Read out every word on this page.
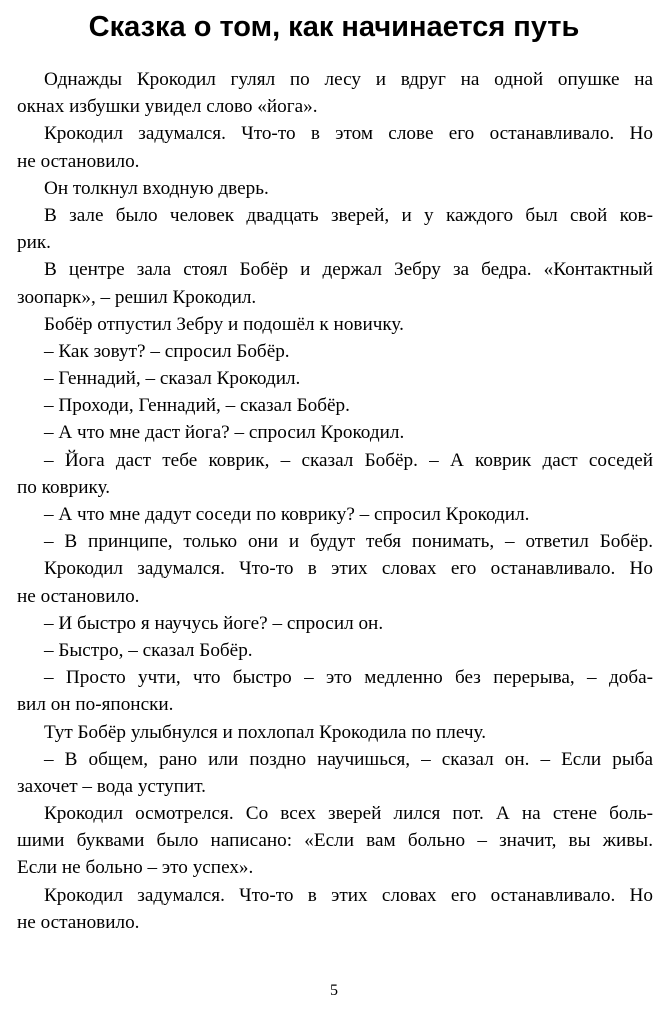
Сказка о том, как начинается путь
Однажды Крокодил гулял по лесу и вдруг на одной опушке на
окнах избушки увидел слово «йога».
Крокодил задумался. Что-то в этом слове его останавливало. Но
не остановило.
Он толкнул входную дверь.
В зале было человек двадцать зверей, и у каждого был свой ков-
рик.
В центре зала стоял Бобёр и держал Зебру за бедра. «Контактный
зоопарк», – решил Крокодил.
Бобёр отпустил Зебру и подошёл к новичку.
– Как зовут? – спросил Бобёр.
– Геннадий, – сказал Крокодил.
– Проходи, Геннадий, – сказал Бобёр.
– А что мне даст йога? – спросил Крокодил.
– Йога даст тебе коврик, – сказал Бобёр. – А коврик даст соседей
по коврику.
– А что мне дадут соседи по коврику? – спросил Крокодил.
– В принципе, только они и будут тебя понимать, – ответил Бобёр.
Крокодил задумался. Что-то в этих словах его останавливало. Но
не остановило.
– И быстро я научусь йоге? – спросил он.
– Быстро, – сказал Бобёр.
– Просто учти, что быстро – это медленно без перерыва, – доба-
вил он по-японски.
Тут Бобёр улыбнулся и похлопал Крокодила по плечу.
– В общем, рано или поздно научишься, – сказал он. – Если рыба
захочет – вода уступит.
Крокодил осмотрелся. Со всех зверей лился пот. А на стене боль-
шими буквами было написано: «Если вам больно – значит, вы живы.
Если не больно – это успех».
Крокодил задумался. Что-то в этих словах его останавливало. Но
не остановило.
5
